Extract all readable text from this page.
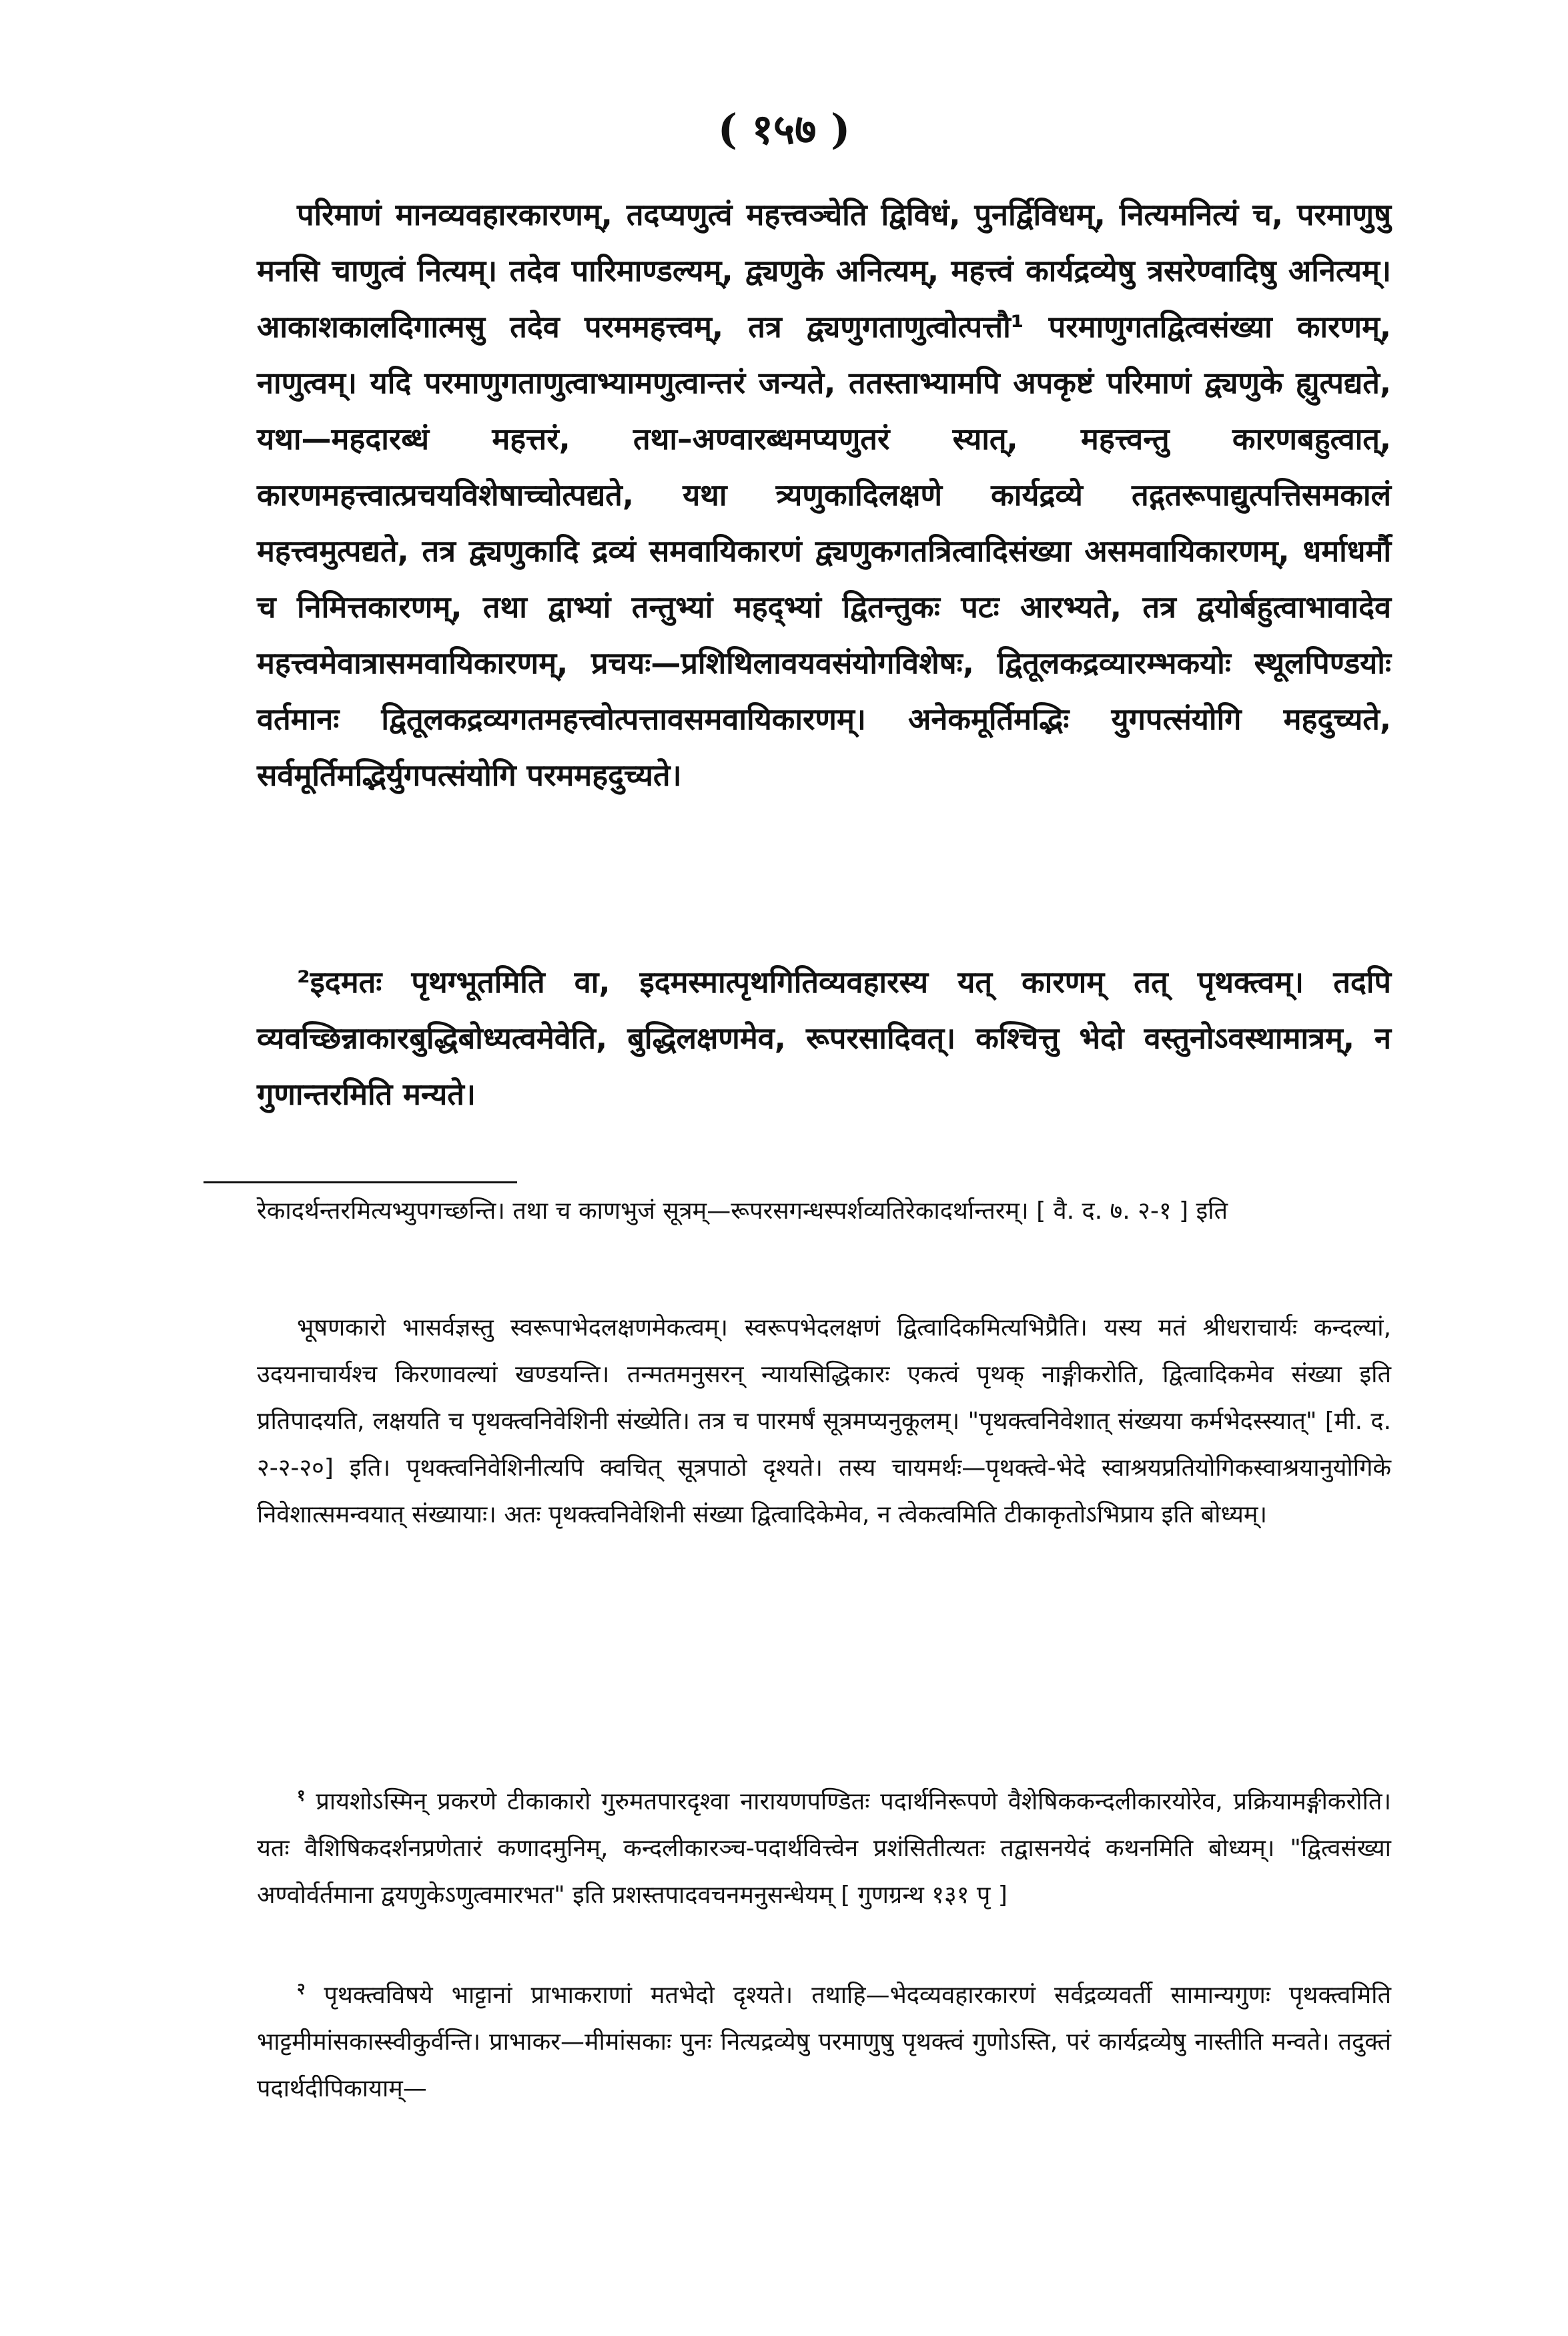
( १५७ )

परिमाणं मानव्यवहारकारणम्, तदप्यणुत्वं महत्त्वञ्चेति द्विविधं, पुनर्द्विविधम्, नित्यमनित्यं च, परमाणुषु मनसि चाणुत्वं नित्यम्। तदेव पारिमाण्डल्यम्, द्व्यणुके अनित्यम्, महत्त्वं कार्यद्रव्येषु त्रसरेण्वादिषु अनित्यम्। आकाशकालदिगात्मसु तदेव परममहत्त्वम्, तत्र द्व्यणुगताणुत्वोत्पत्तौ¹ परमाणुगतद्वित्वसंख्या कारणम्, नाणुत्वम्। यदि परमाणुगताणुत्वाभ्यामणुत्वान्तरं जन्यते, ततस्ताभ्यामपि अपकृष्टं परिमाणं द्व्यणुके ह्युत्पद्यते, यथा—महदारब्धं महत्तरं, तथा–अण्वारब्धमप्यणुतरं स्यात्, महत्त्वन्तु कारणबहुत्वात्, कारणमहत्त्वात्प्रचयविशेषाच्चोत्पद्यते, यथा त्र्यणुकादिलक्षणे कार्यद्रव्ये तद्गतरूपाद्युत्पत्तिसमकालं महत्त्वमुत्पद्यते, तत्र द्व्यणुकादि द्रव्यं समवायिकारणं द्व्यणुकगतत्रित्वादिसंख्या असमवायिकारणम्, धर्माधर्मौ च निमित्तकारणम्, तथा द्वाभ्यां तन्तुभ्यां महद्भ्यां द्वितन्तुकः पटः आरभ्यते, तत्र द्वयोर्बहुत्वाभावादेव महत्त्वमेवात्रासमवायिकारणम्, प्रचयः—प्रशिथिलावयवसंयोगविशेषः, द्वितूलकद्रव्यारम्भकयोः स्थूलपिण्डयोः वर्तमानः द्वितूलकद्रव्यगतमहत्त्वोत्पत्तावसमवायिकारणम्। अनेकमूर्तिमद्भिः युगपत्संयोगि महदुच्यते, सर्वमूर्तिमद्भिर्युगपत्संयोगि परममहदुच्यते।

²इदमतः पृथग्भूतमिति वा, इदमस्मात्पृथगितिव्यवहारस्य यत् कारणम् तत् पृथक्त्वम्। तदपि व्यवच्छिन्नाकारबुद्धिबोध्यत्वमेवेति, बुद्धिलक्षणमेव, रूपरसादिवत्। कश्चित्तु भेदो वस्तुनोऽवस्थामात्रम्, न गुणान्तरमिति मन्यते।

रेकादर्थन्तरमित्यभ्युपगच्छन्ति। तथा च काणभुजं सूत्रम्—रूपरसगन्धस्पर्शव्यतिरेकादर्थान्तरम्। [ वै. द. ७. २-१ ] इति

भूषणकारो भासर्वज्ञस्तु स्वरूपाभेदलक्षणमेकत्वम्। स्वरूपभेदलक्षणं द्वित्वादिकमित्यभिप्रैति। यस्य मतं श्रीधराचार्यः कन्दल्यां, उदयनाचार्यश्च किरणावल्यां खण्डयन्ति। तन्मतमनुसरन् न्यायसिद्धिकारः एकत्वं पृथक् नाङ्गीकरोति, द्वित्वादिकमेव संख्या इति प्रतिपादयति, लक्षयति च पृथक्त्वनिवेशिनी संख्येति। तत्र च पारमर्षं सूत्रमप्यनुकूलम्। "पृथक्त्वनिवेशात् संख्यया कर्मभेदस्स्यात्" [मी. द. २-२-२०] इति। पृथक्त्वनिवेशिनीत्यपि क्वचित् सूत्रपाठो दृश्यते। तस्य चायमर्थः—पृथक्त्वे-भेदे स्वाश्रयप्रतियोगिकस्वाश्रयानुयोगिके निवेशात्समन्वयात् संख्यायाः। अतः पृथक्त्वनिवेशिनी संख्या द्वित्वादिकेमेव, न त्वेकत्वमिति टीकाकृतोऽभिप्राय इति बोध्यम्।

$^१$ प्रायशोऽस्मिन् प्रकरणे टीकाकारो गुरुमतपारदृश्वा नारायणपण्डितः पदार्थनिरूपणे वैशेषिककन्दलीकारयोरेव, प्रक्रियामङ्गीकरोति। यतः वैशिषिकदर्शनप्रणेतारं कणादमुनिम्, कन्दलीकारञ्च-पदार्थवित्त्वेन प्रशंसितीत्यतः तद्वासनयेदं कथनमिति बोध्यम्। "द्वित्वसंख्या अण्वोर्वर्तमाना द्वयणुकेऽणुत्वमारभत" इति प्रशस्तपादवचनमनुसन्धेयम् [ गुणग्रन्थ १३१ पृ ]

$^२$ पृथक्त्वविषये भाट्टानां प्राभाकराणां मतभेदो दृश्यते। तथाहि—भेदव्यवहारकारणं सर्वद्रव्यवर्ती सामान्यगुणः पृथक्त्वमिति भाट्टमीमांसकास्स्वीकुर्वन्ति। प्राभाकर—मीमांसकाः पुनः नित्यद्रव्येषु परमाणुषु पृथक्त्वं गुणोऽस्ति, परं कार्यद्रव्येषु नास्तीति मन्वते। तदुक्तं पदार्थदीपिकायाम्—
